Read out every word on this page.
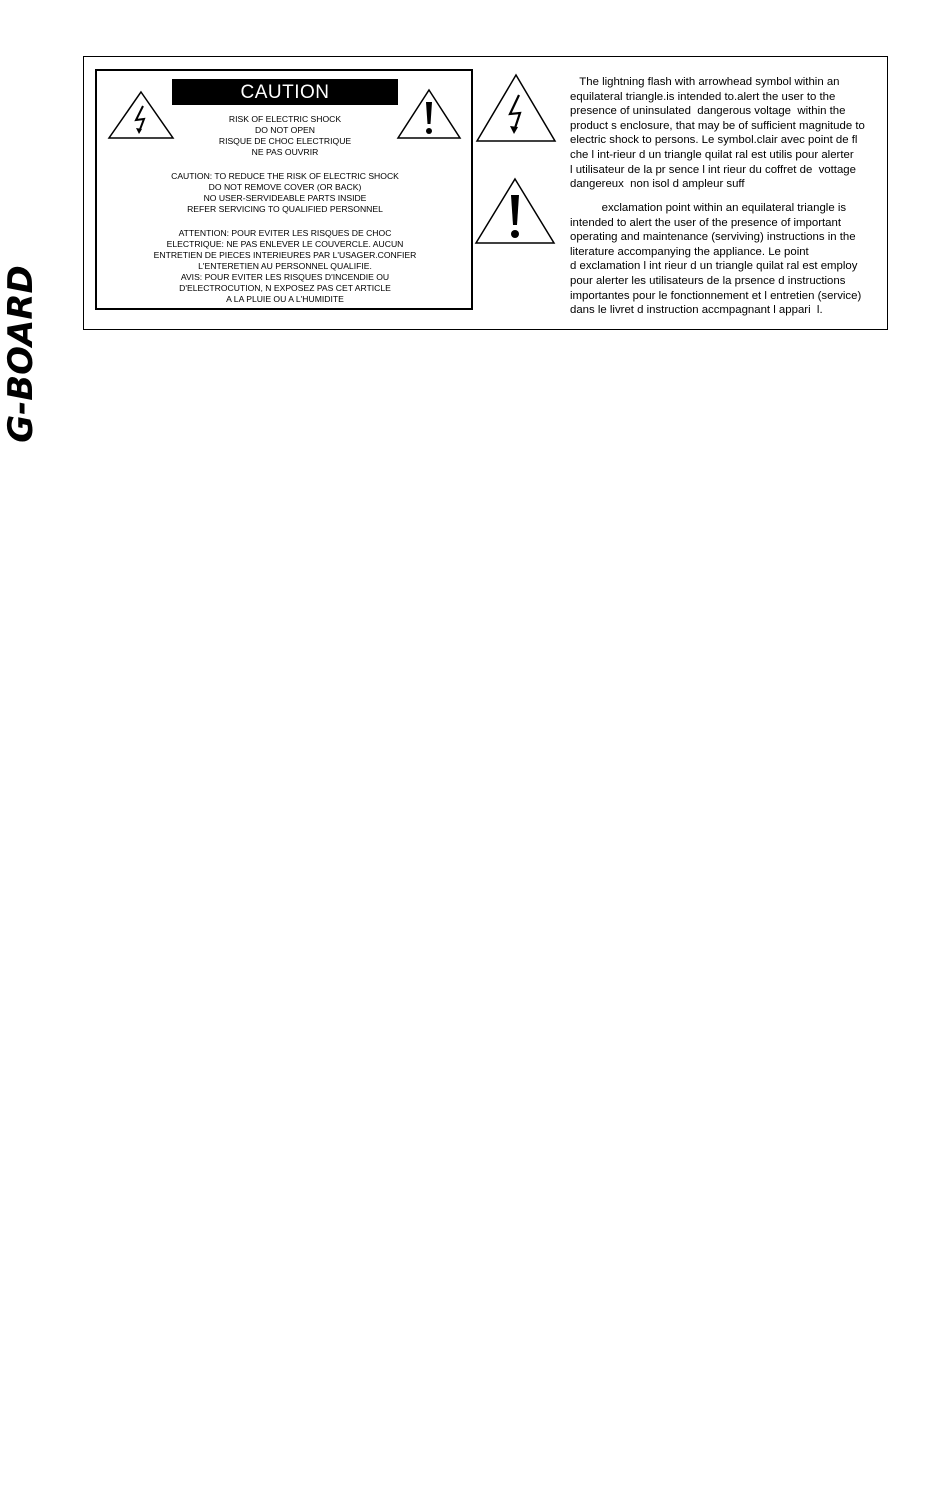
G-BOARD
CAUTION
RISK OF ELECTRIC SHOCK
DO NOT OPEN
RISQUE DE CHOC ELECTRIQUE
NE PAS OUVRIR
CAUTION: TO REDUCE THE RISK OF ELECTRIC SHOCK
DO NOT REMOVE COVER (OR BACK)
NO USER-SERVIDEABLE PARTS INSIDE
REFER SERVICING TO QUALIFIED PERSONNEL
ATTENTION: POUR EVITER LES RISQUES DE CHOC
ELECTRIQUE: NE PAS ENLEVER LE COUVERCLE. AUCUN
ENTRETIEN DE PIECES INTERIEURES PAR L'USAGER.CONFIER
L'ENTERETIEN AU PERSONNEL QUALIFIE.
AVIS: POUR EVITER LES RISQUES D'INCENDIE OU
D'ELECTROCUTION, N EXPOSEZ PAS CET ARTICLE
A LA PLUIE OU A L'HUMIDITE
The lightning flash with arrowhead symbol within an
equilateral triangle.is intended to.alert the user to the
presence of uninsulated  dangerous voltage  within the
product s enclosure, that may be of sufficient magnitude to
electric shock to persons. Le symbol.clair avec point de fl
che l int-rieur d un triangle quilat ral est utilis pour alerter
l utilisateur de la pr sence l int rieur du coffret de  vottage
dangereux  non isol d ampleur suff
exclamation point within an equilateral triangle is
intended to alert the user of the presence of important
operating and maintenance (serviving) instructions in the
literature accompanying the appliance. Le point
d exclamation l int rieur d un triangle quilat ral est employ
pour alerter les utilisateurs de la prsence d instructions
importantes pour le fonctionnement et l entretien (service)
dans le livret d instruction accmpagnant l appari  l.
